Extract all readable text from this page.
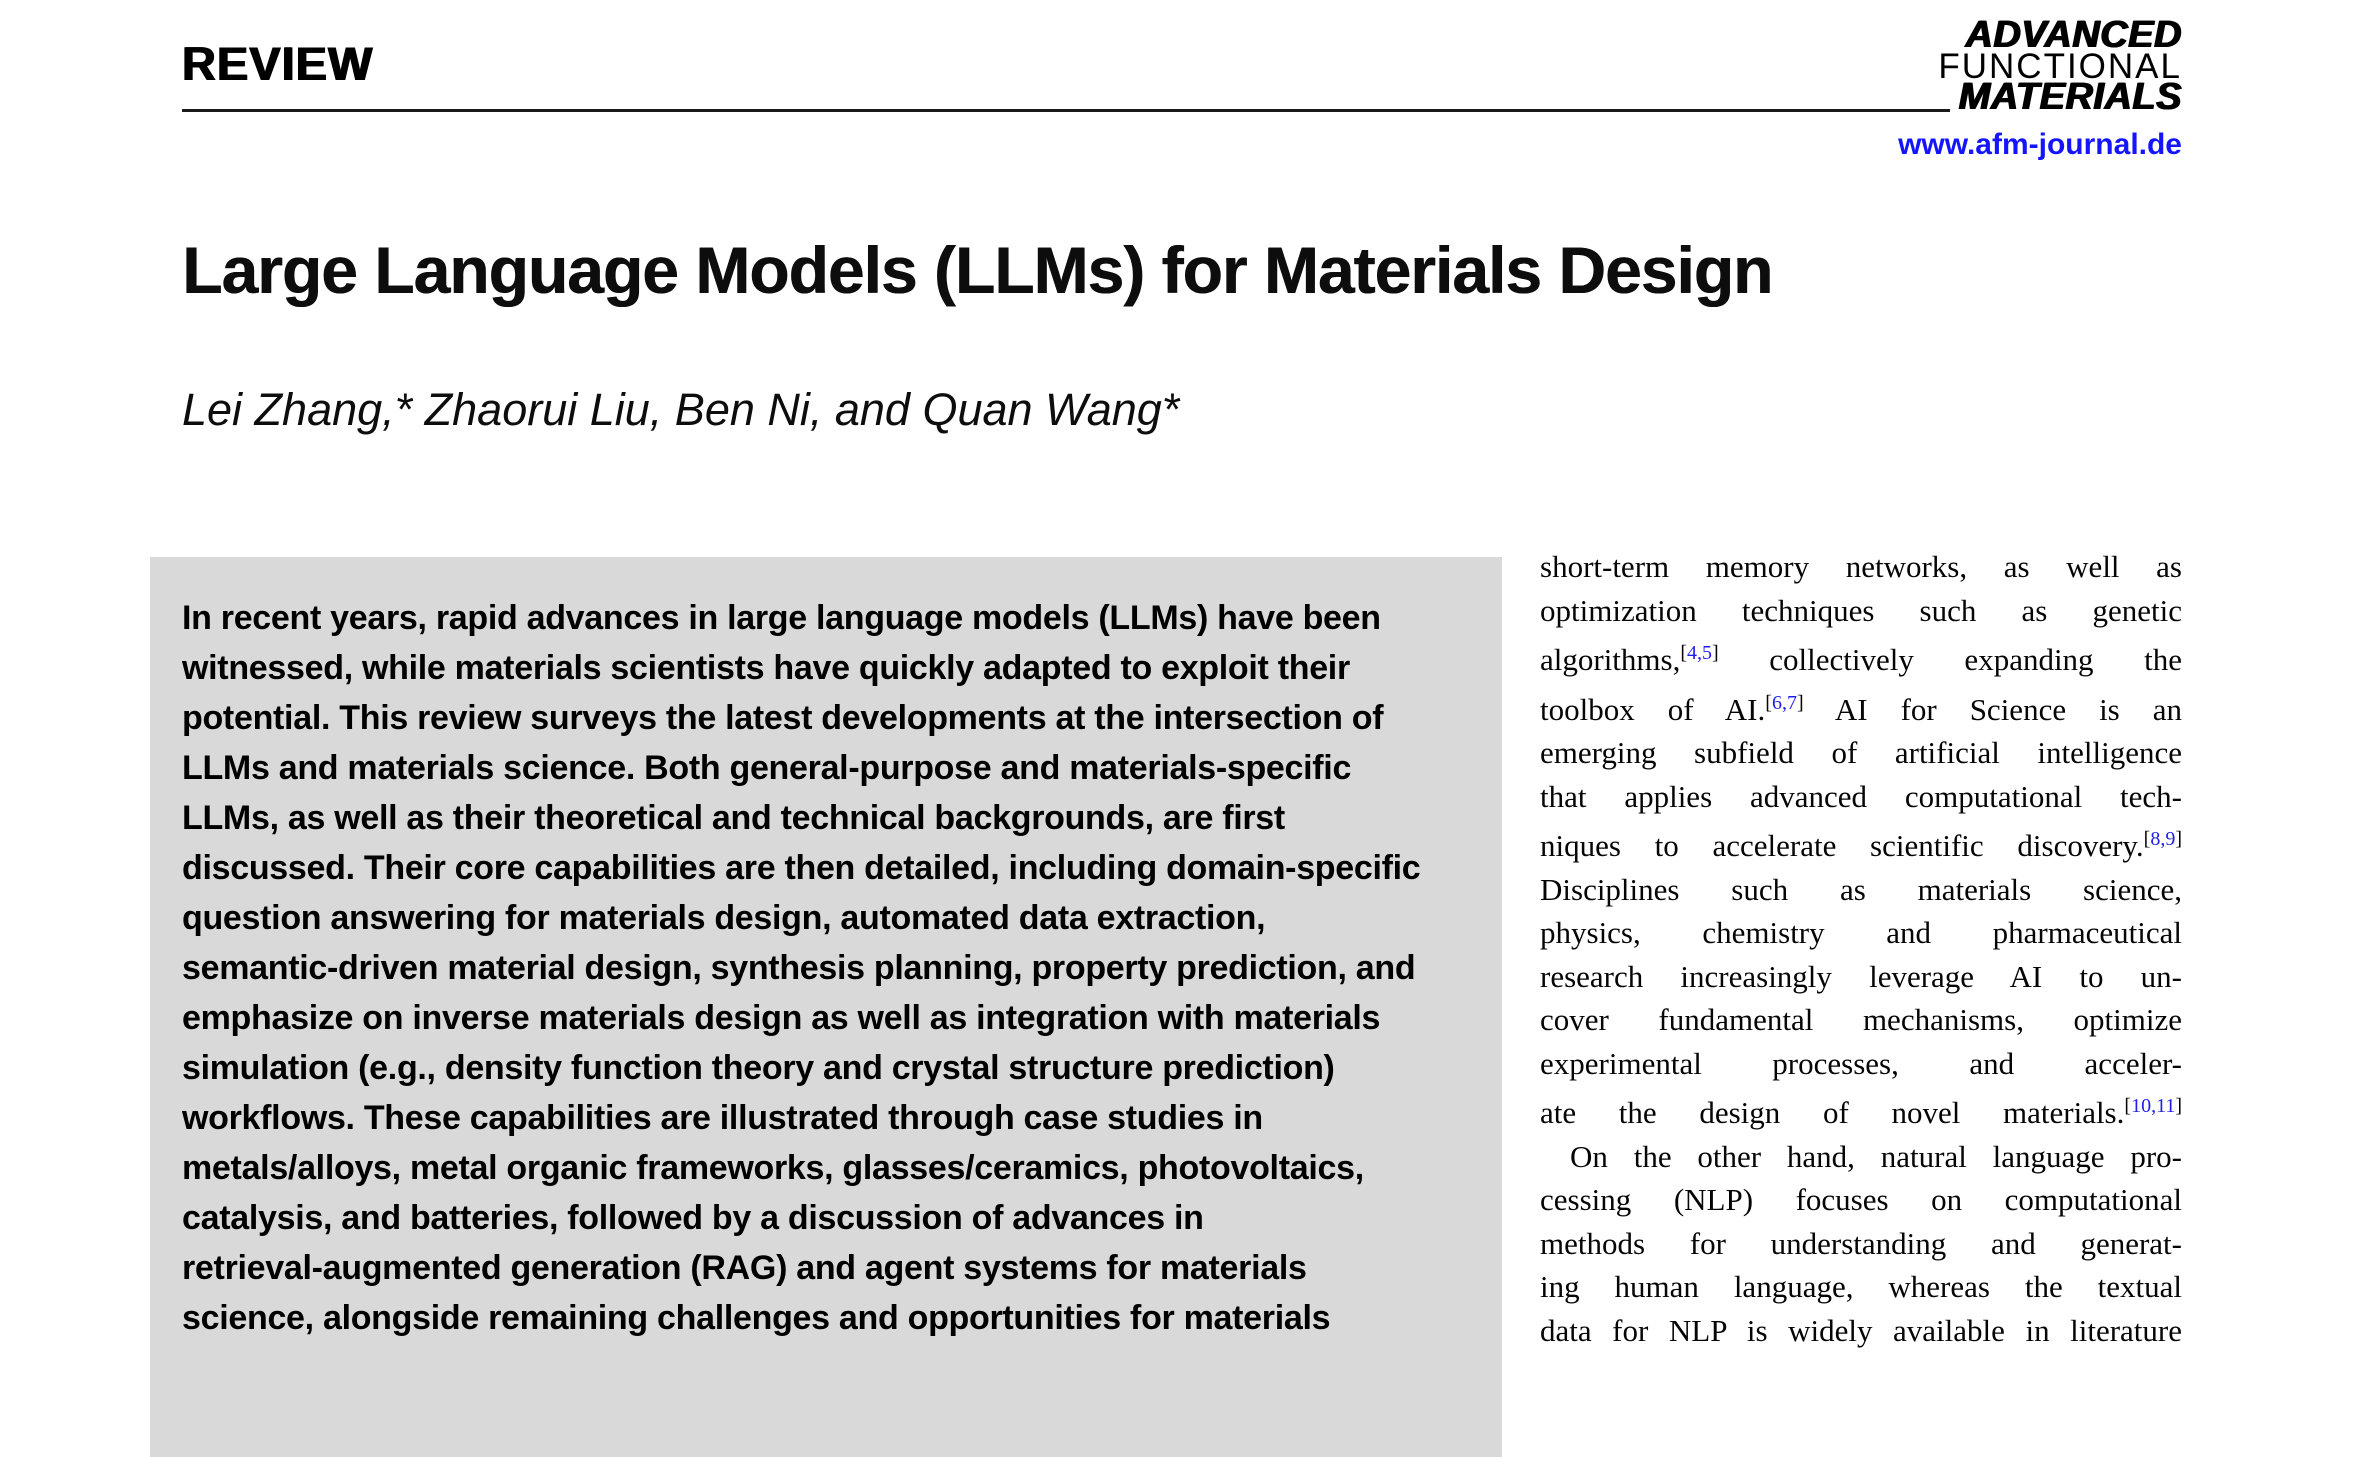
REVIEW
ADVANCED
FUNCTIONAL
MATERIALS
www.afm-journal.de
Large Language Models (LLMs) for Materials Design
Lei Zhang,* Zhaorui Liu, Ben Ni, and Quan Wang*
In recent years, rapid advances in large language models (LLMs) have been
witnessed, while materials scientists have quickly adapted to exploit their
potential. This review surveys the latest developments at the intersection of
LLMs and materials science. Both general-purpose and materials-specific
LLMs, as well as their theoretical and technical backgrounds, are first
discussed. Their core capabilities are then detailed, including domain-specific
question answering for materials design, automated data extraction,
semantic-driven material design, synthesis planning, property prediction, and
emphasize on inverse materials design as well as integration with materials
simulation (e.g., density function theory and crystal structure prediction)
workflows. These capabilities are illustrated through case studies in
metals/alloys, metal organic frameworks, glasses/ceramics, photovoltaics,
catalysis, and batteries, followed by a discussion of advances in
retrieval-augmented generation (RAG) and agent systems for materials
science, alongside remaining challenges and opportunities for materials
short-term memory networks, as well as
optimization techniques such as genetic
algorithms,[4,5] collectively expanding the
toolbox of AI.[6,7] AI for Science is an
emerging subfield of artificial intelligence
that applies advanced computational tech-
niques to accelerate scientific discovery.[8,9]
Disciplines such as materials science,
physics, chemistry and pharmaceutical
research increasingly leverage AI to un-
cover fundamental mechanisms, optimize
experimental processes, and acceler-
ate the design of novel materials.[10,11]
On the other hand, natural language pro-
cessing (NLP) focuses on computational
methods for understanding and generat-
ing human language, whereas the textual
data for NLP is widely available in literature
